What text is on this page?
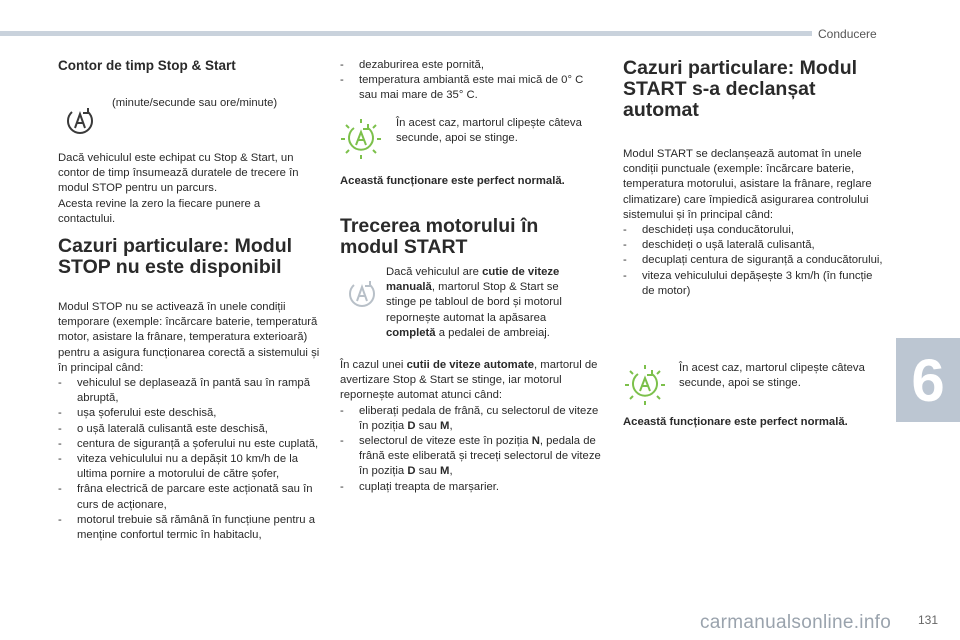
Conducere
6
131
carmanualsonline.info
Contor de timp Stop & Start
(minute/secunde sau ore/minute)

Dacă vehiculul este echipat cu Stop & Start, un contor de timp însumează duratele de trecere în modul STOP pentru un parcurs.

Acesta revine la zero la fiecare punere a contactului.

Cazuri particulare: Modul STOP nu este disponibil

Modul STOP nu se activează în unele condiții temporare (exemple: încărcare baterie, temperatură motor, asistare la frânare, temperatura exterioară) pentru a asigura funcționarea corectă a sistemului și în principal când:

- vehiculul se deplasează în pantă sau în rampă abruptă,

- ușa șoferului este deschisă,

- o ușă laterală culisantă este deschisă,

- centura de siguranță a șoferului nu este cuplată,

- viteza vehiculului nu a depășit 10 km/h de la ultima pornire a motorului de către șofer,

- frâna electrică de parcare este acționată sau în curs de acționare,

- motorul trebuie să rămână în funcțiune pentru a menține confortul termic în habitaclu,

- dezaburirea este pornită,

- temperatura ambiantă este mai mică de 0° C sau mai mare de 35° C.

În acest caz, martorul clipește câteva secunde, apoi se stinge.

Această funcționare este perfect normală.

Trecerea motorului în modul START

Dacă vehiculul are cutie de viteze manuală, martorul Stop & Start se stinge pe tabloul de bord și motorul repornește automat la apăsarea completă a pedalei de ambreiaj.

În cazul unei cutii de viteze automate, martorul de avertizare Stop & Start se stinge, iar motorul repornește automat atunci când:

- eliberați pedala de frână, cu selectorul de viteze în poziția D sau M,

- selectorul de viteze este în poziția N, pedala de frână este eliberată și treceți selectorul de viteze în poziția D sau M,

- cuplați treapta de marșarier.

Cazuri particulare: Modul START s-a declanșat automat

Modul START se declanșează automat în unele condiții punctuale (exemple: încărcare baterie, temperatura motorului, asistare la frânare, reglare climatizare) care împiedică asigurarea controlului sistemului și în principal când:

- deschideți ușa conducătorului,

- deschideți o ușă laterală culisantă,

- decuplați centura de siguranță a conducătorului,

- viteza vehiculului depășește 3 km/h (în funcție de motor)

În acest caz, martorul clipește câteva secunde, apoi se stinge.

Această funcționare este perfect normală.
